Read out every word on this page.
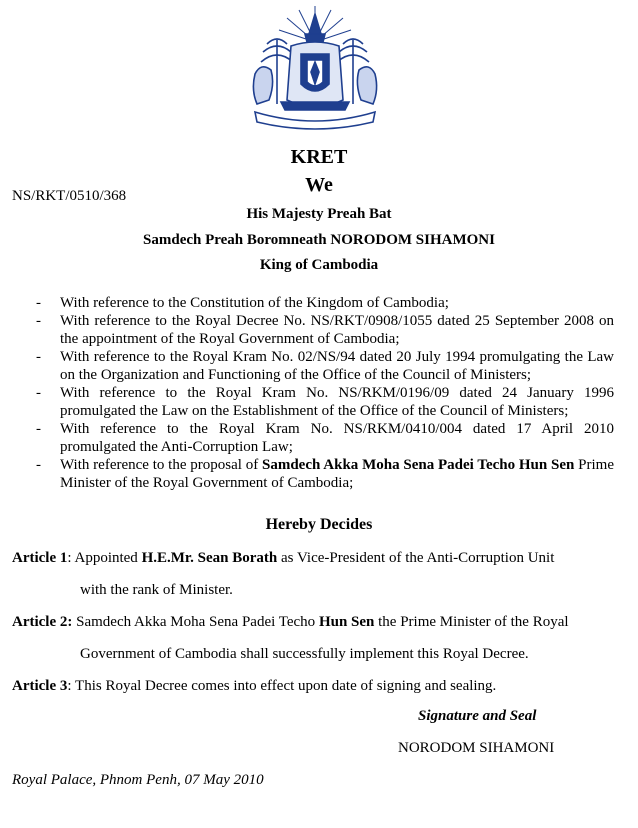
KRET
We
NS/RKT/0510/368
His Majesty Preah Bat
Samdech Preah Boromneath NORODOM SIHAMONI
King of Cambodia
- With reference to the Constitution of the Kingdom of Cambodia;
- With reference to the Royal Decree No. NS/RKT/0908/1055 dated 25 September 2008 on the appointment of the Royal Government of Cambodia;
- With reference to the Royal Kram No. 02/NS/94 dated 20 July 1994 promulgating the Law on the Organization and Functioning of the Office of the Council of Ministers;
- With reference to the Royal Kram No. NS/RKM/0196/09 dated 24 January 1996 promulgated the Law on the Establishment of the Office of the Council of Ministers;
- With reference to the Royal Kram No. NS/RKM/0410/004 dated 17 April 2010 promulgated the Anti-Corruption Law;
- With reference to the proposal of Samdech Akka Moha Sena Padei Techo Hun Sen Prime Minister of the Royal Government of Cambodia;
Hereby Decides
Article 1: Appointed H.E.Mr. Sean Borath as Vice-President of the Anti-Corruption Unit
with the rank of Minister.
Article 2: Samdech Akka Moha Sena Padei Techo Hun Sen the Prime Minister of the Royal
Government of Cambodia shall successfully implement this Royal Decree.
Article 3: This Royal Decree comes into effect upon date of signing and sealing.
Signature and Seal
NORODOM SIHAMONI
Royal Palace, Phnom Penh, 07 May 2010
